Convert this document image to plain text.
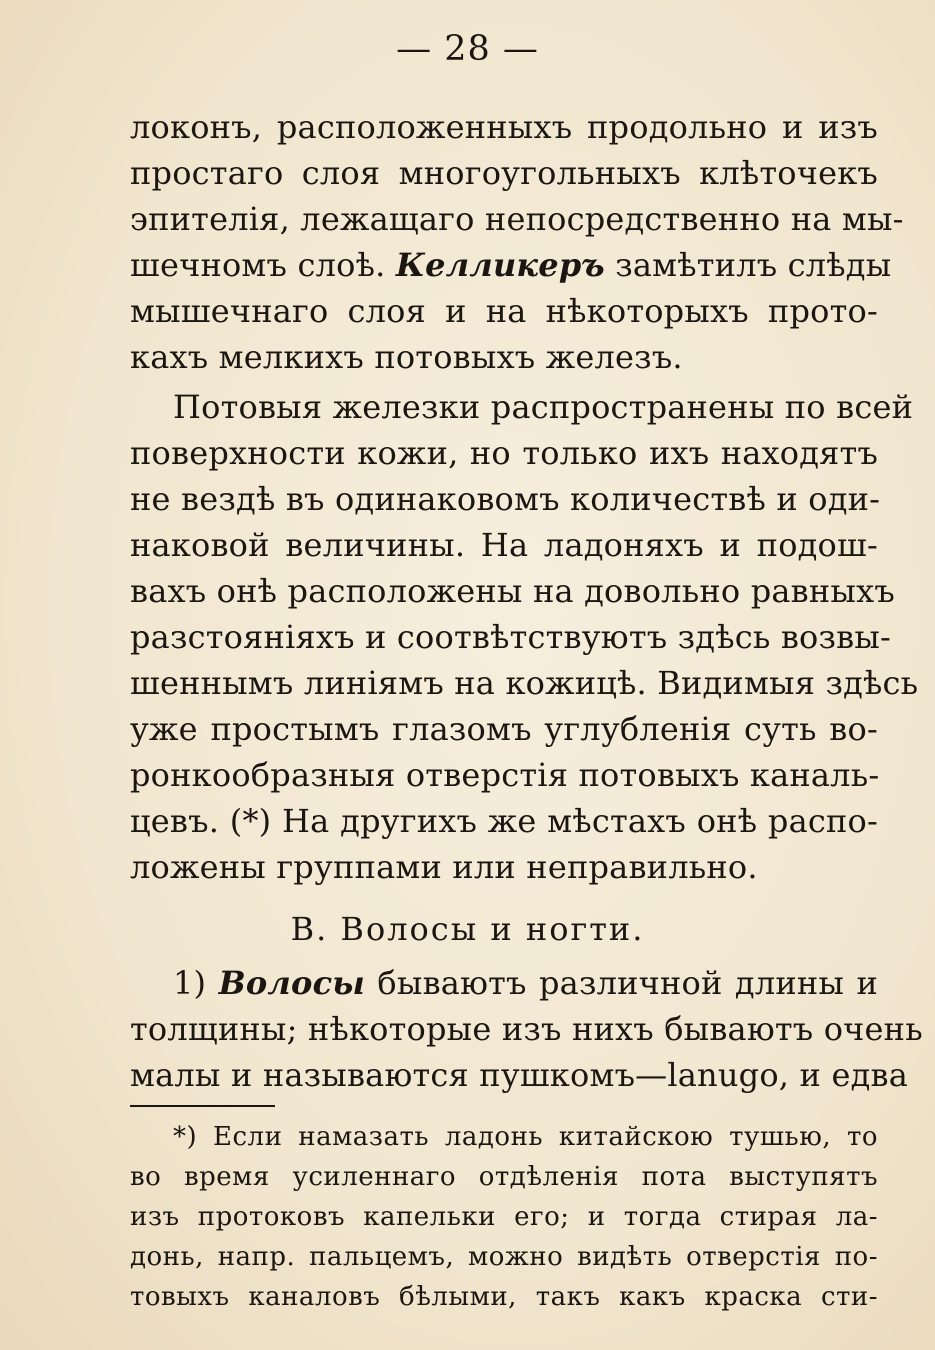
— 28 —
локонъ, расположенныхъ продольно и изъ
простаго слоя многоугольныхъ клѣточекъ
эпителія, лежащаго непосредственно на мы-
шечномъ слоѣ. Келликеръ замѣтилъ слѣды
мышечнаго слоя и на нѣкоторыхъ прото-
кахъ мелкихъ потовыхъ железъ.
Потовыя железки распространены по всей
поверхности кожи, но только ихъ находятъ
не вездѣ въ одинаковомъ количествѣ и оди-
наковой величины. На ладоняхъ и подош-
вахъ онѣ расположены на довольно равныхъ
разстояніяхъ и соотвѣтствуютъ здѣсь возвы-
шеннымъ линіямъ на кожицѣ. Видимыя здѣсь
уже простымъ глазомъ углубленія суть во-
ронкообразныя отверстія потовыхъ каналь-
цевъ. (*) На другихъ же мѣстахъ онѣ распо-
ложены группами или неправильно.
В. Волосы и ногти.
1) Волосы бываютъ различной длины и
толщины; нѣкоторые изъ нихъ бываютъ очень
малы и называются пушкомъ—lanugo, и едва
*) Если намазать ладонь китайскою тушью, то
во время усиленнаго отдѣленія пота выступятъ
изъ протоковъ капельки его; и тогда стирая ла-
донь, напр. пальцемъ, можно видѣть отверстія по-
товыхъ каналовъ бѣлыми, такъ какъ краска сти-
